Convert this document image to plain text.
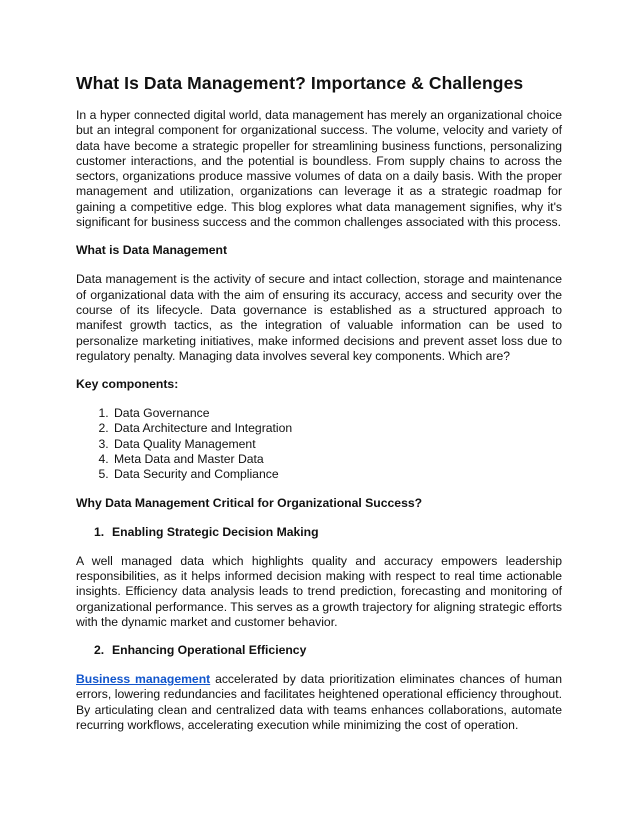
What Is Data Management? Importance & Challenges

In a hyper connected digital world, data management has merely an organizational choice but an integral component for organizational success. The volume, velocity and variety of data have become a strategic propeller for streamlining business functions, personalizing customer interactions, and the potential is boundless. From supply chains to across the sectors, organizations produce massive volumes of data on a daily basis. With the proper management and utilization, organizations can leverage it as a strategic roadmap for gaining a competitive edge. This blog explores what data management signifies, why it's significant for business success and the common challenges associated with this process.

What is Data Management

Data management is the activity of secure and intact collection, storage and maintenance of organizational data with the aim of ensuring its accuracy, access and security over the course of its lifecycle. Data governance is established as a structured approach to manifest growth tactics, as the integration of valuable information can be used to personalize marketing initiatives, make informed decisions and prevent asset loss due to regulatory penalty. Managing data involves several key components. Which are?

Key components:
1. Data Governance
2. Data Architecture and Integration
3. Data Quality Management
4. Meta Data and Master Data
5. Data Security and Compliance
Why Data Management Critical for Organizational Success?
1. Enabling Strategic Decision Making

A well managed data which highlights quality and accuracy empowers leadership responsibilities, as it helps informed decision making with respect to real time actionable insights. Efficiency data analysis leads to trend prediction, forecasting and monitoring of organizational performance. This serves as a growth trajectory for aligning strategic efforts with the dynamic market and customer behavior.

2. Enhancing Operational Efficiency

Business management accelerated by data prioritization eliminates chances of human errors, lowering redundancies and facilitates heightened operational efficiency throughout. By articulating clean and centralized data with teams enhances collaborations, automate recurring workflows, accelerating execution while minimizing the cost of operation.
